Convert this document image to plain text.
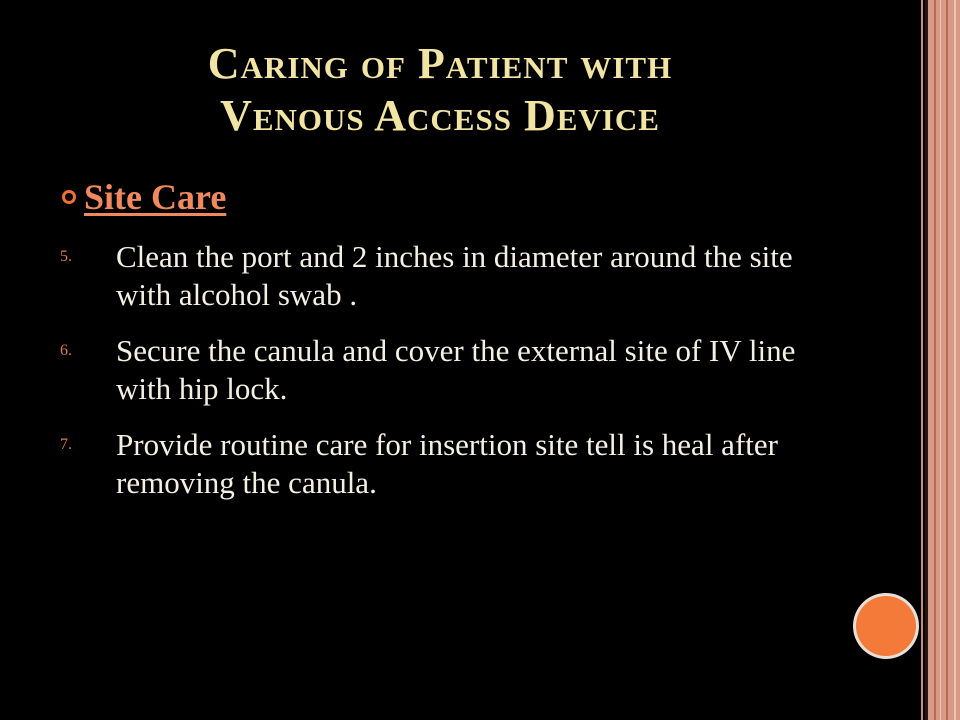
Caring of Patient with
Venous Access Device
Site Care
5.	Clean the port and 2 inches in diameter around the site with alcohol swab .
6.	Secure the canula and cover the external site of IV line with hip lock.
7.	Provide routine care for insertion site tell is heal after removing the canula.
